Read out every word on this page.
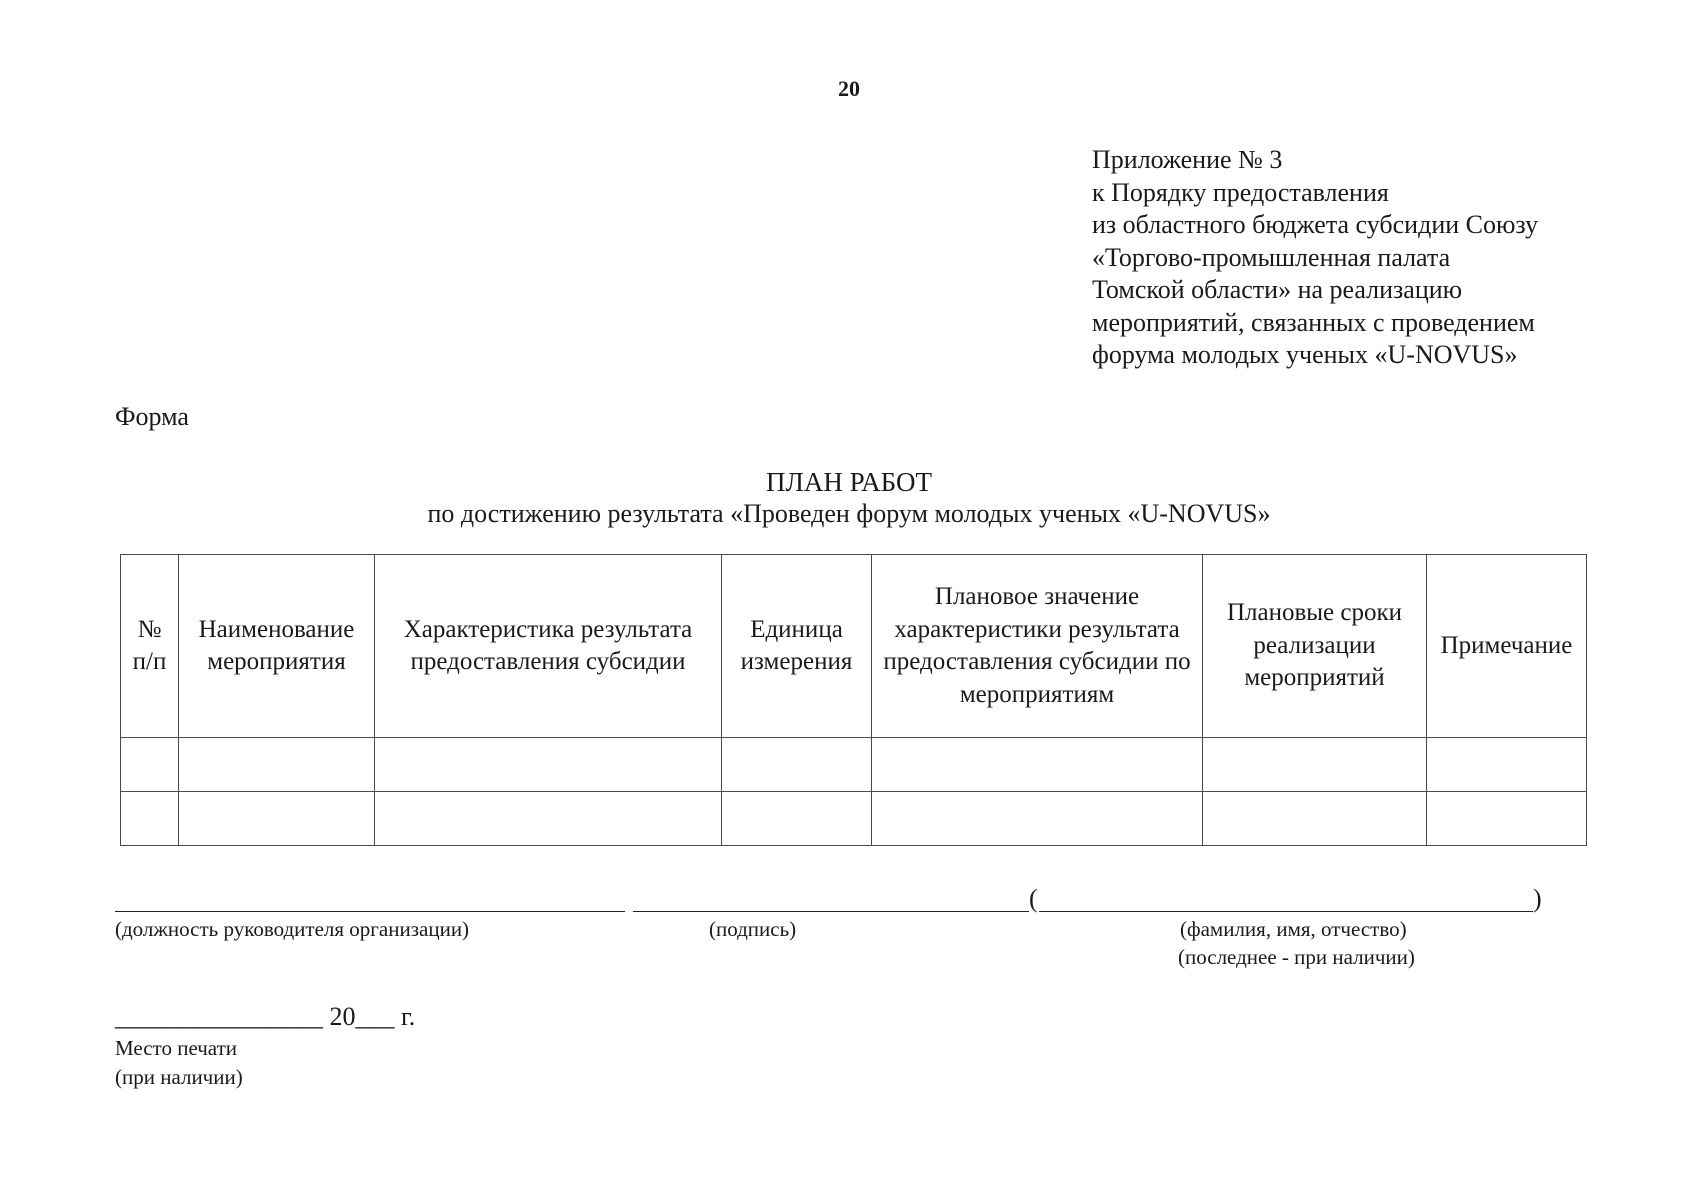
20
Приложение № 3
к Порядку предоставления
из областного бюджета субсидии Союзу
«Торгово-промышленная палата
Томской области» на реализацию
мероприятий, связанных с проведением
форума молодых ученых «U-NOVUS»
Форма
ПЛАН РАБОТ
по достижению результата «Проведен форум молодых ученых «U-NOVUS»
№ п/п	Наименование мероприятия	Характеристика результата предоставления субсидии	Единица измерения	Плановое значение характеристики результата предоставления субсидии по мероприятиям	Плановые сроки реализации мероприятий	Примечание

(	)
(должность руководителя организации)	(подпись)	(фамилия, имя, отчество)
(последнее - при наличии)
________________ 20___ г.
Место печати
(при наличии)
